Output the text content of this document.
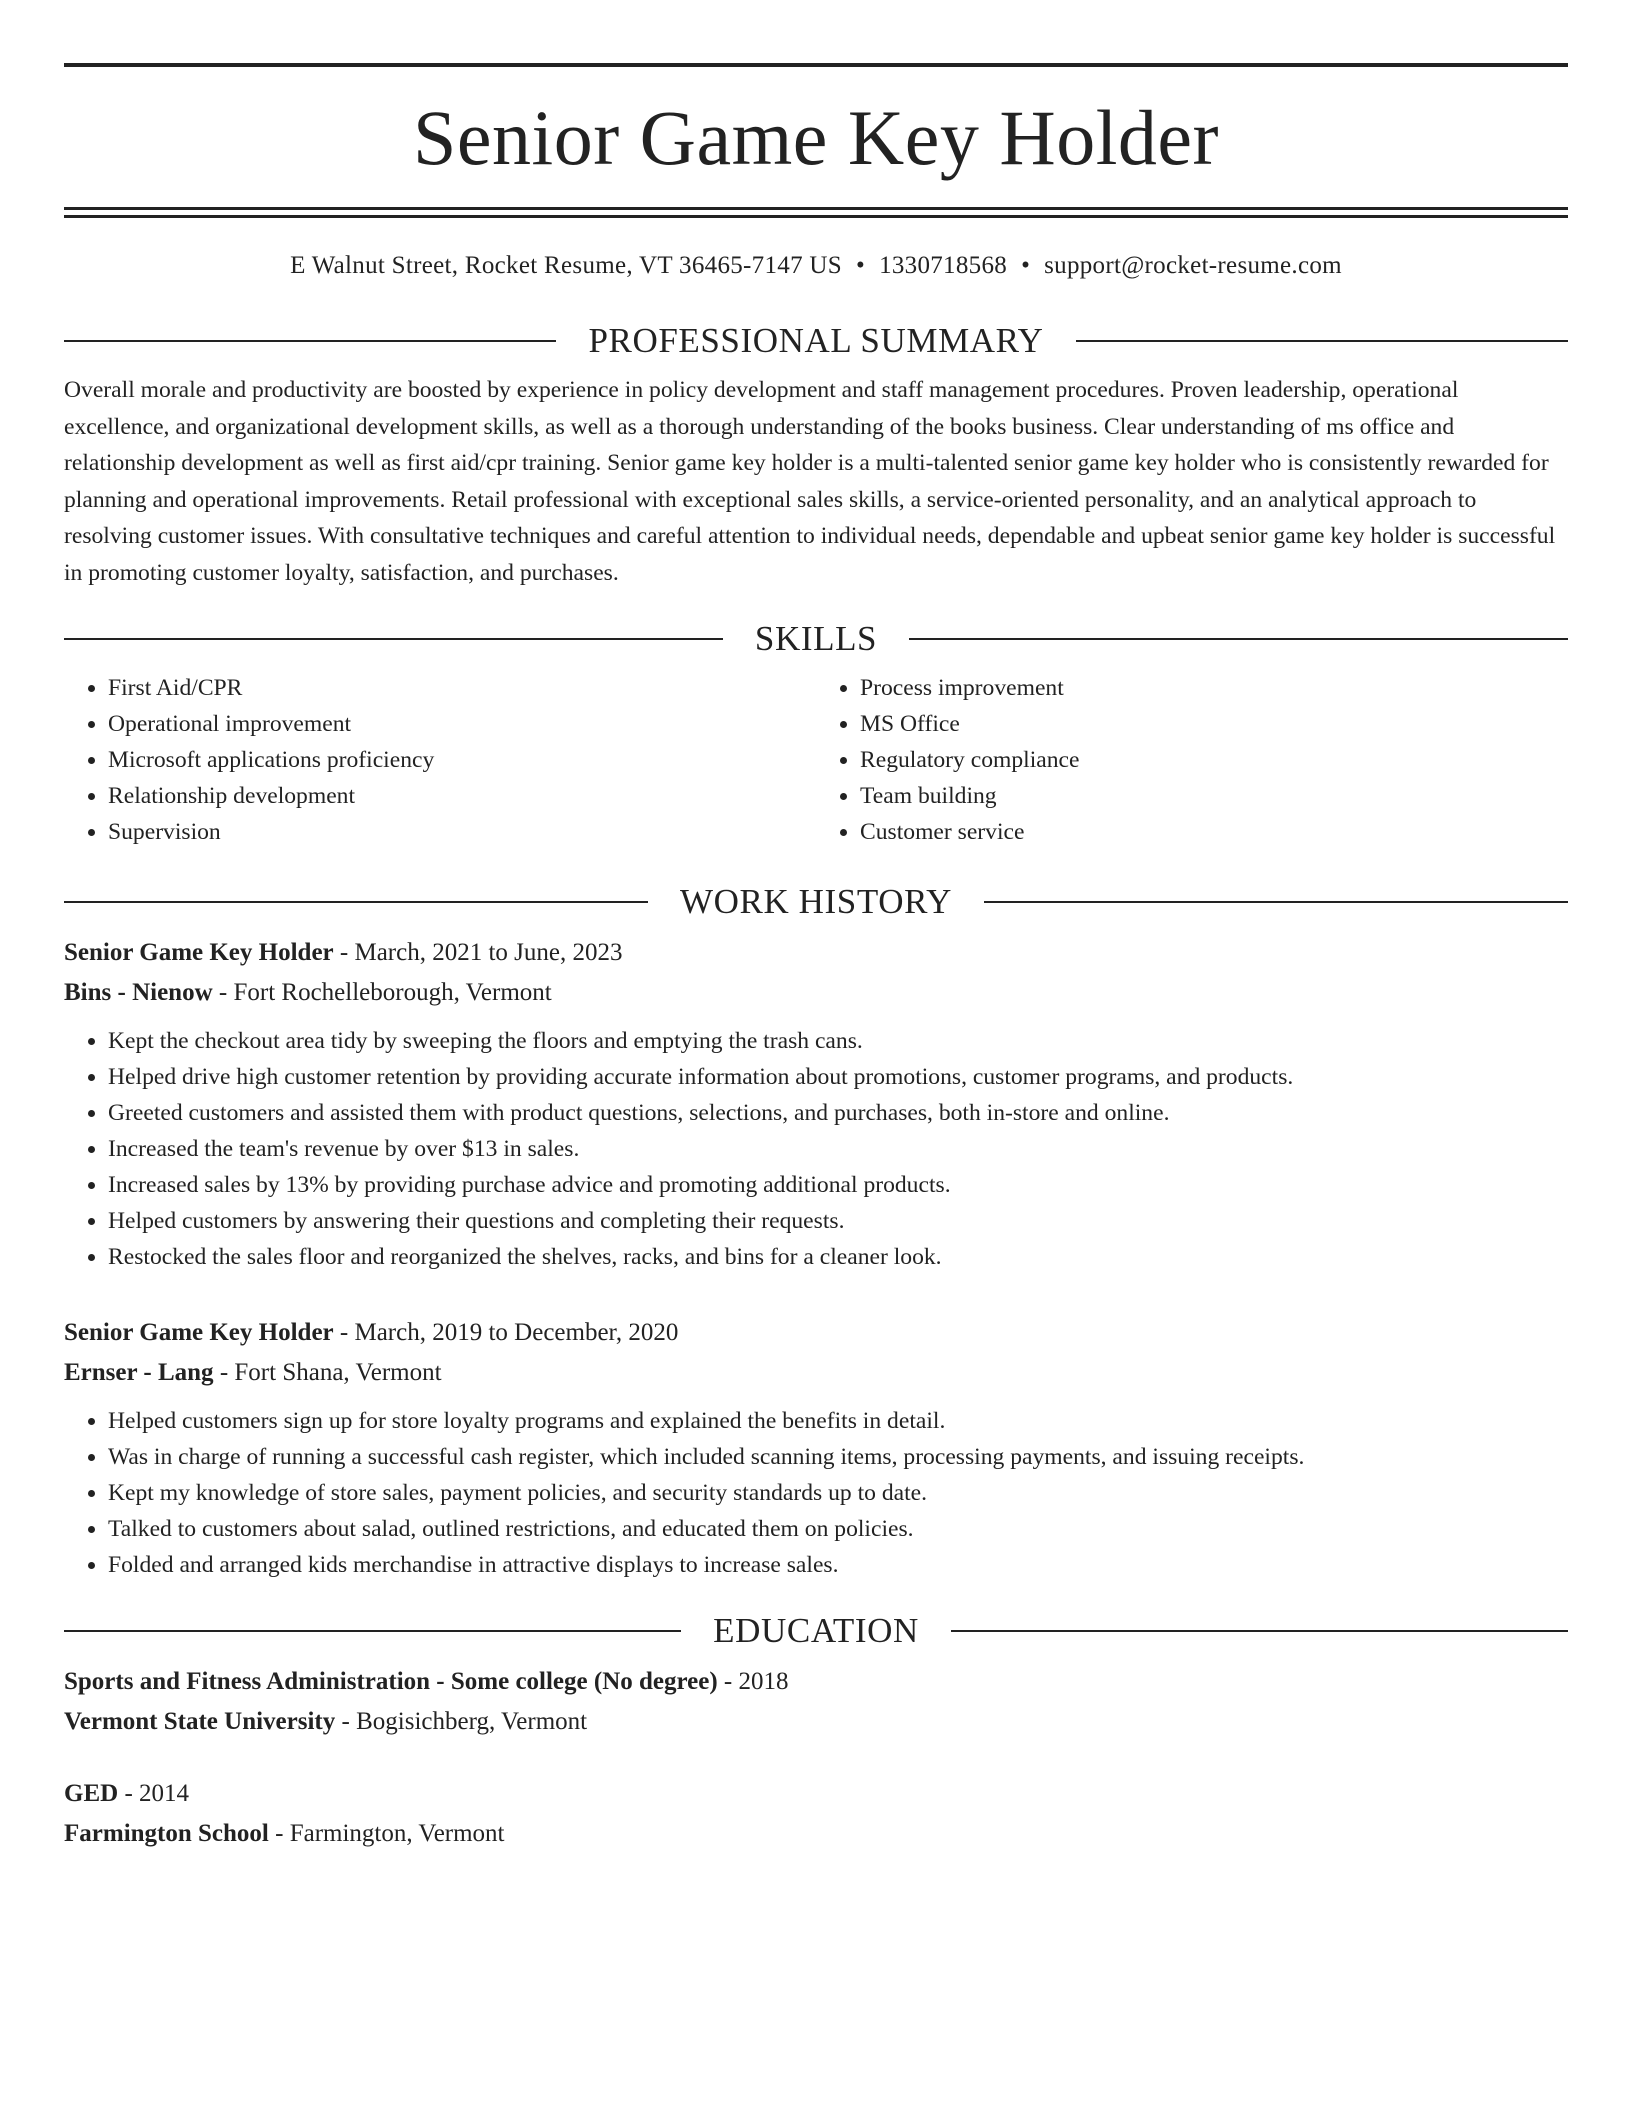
Senior Game Key Holder
E Walnut Street, Rocket Resume, VT 36465-7147 US • 1330718568 • support@rocket-resume.com
PROFESSIONAL SUMMARY

Overall morale and productivity are boosted by experience in policy development and staff management procedures. Proven leadership, operational excellence, and organizational development skills, as well as a thorough understanding of the books business. Clear understanding of ms office and relationship development as well as first aid/cpr training. Senior game key holder is a multi-talented senior game key holder who is consistently rewarded for planning and operational improvements. Retail professional with exceptional sales skills, a service-oriented personality, and an analytical approach to resolving customer issues. With consultative techniques and careful attention to individual needs, dependable and upbeat senior game key holder is successful in promoting customer loyalty, satisfaction, and purchases.

SKILLS
• First Aid/CPR
• Operational improvement
• Microsoft applications proficiency
• Relationship development
• Supervision
• Process improvement
• MS Office
• Regulatory compliance
• Team building
• Customer service
WORK HISTORY
Senior Game Key Holder - March, 2021 to June, 2023
Bins - Nienow - Fort Rochelleborough, Vermont
• Kept the checkout area tidy by sweeping the floors and emptying the trash cans.
• Helped drive high customer retention by providing accurate information about promotions, customer programs, and products.
• Greeted customers and assisted them with product questions, selections, and purchases, both in-store and online.
• Increased the team's revenue by over $13 in sales.
• Increased sales by 13% by providing purchase advice and promoting additional products.
• Helped customers by answering their questions and completing their requests.
• Restocked the sales floor and reorganized the shelves, racks, and bins for a cleaner look.
Senior Game Key Holder - March, 2019 to December, 2020
Ernser - Lang - Fort Shana, Vermont
• Helped customers sign up for store loyalty programs and explained the benefits in detail.
• Was in charge of running a successful cash register, which included scanning items, processing payments, and issuing receipts.
• Kept my knowledge of store sales, payment policies, and security standards up to date.
• Talked to customers about salad, outlined restrictions, and educated them on policies.
• Folded and arranged kids merchandise in attractive displays to increase sales.
EDUCATION
Sports and Fitness Administration - Some college (No degree) - 2018
Vermont State University - Bogisichberg, Vermont
GED - 2014
Farmington School - Farmington, Vermont
